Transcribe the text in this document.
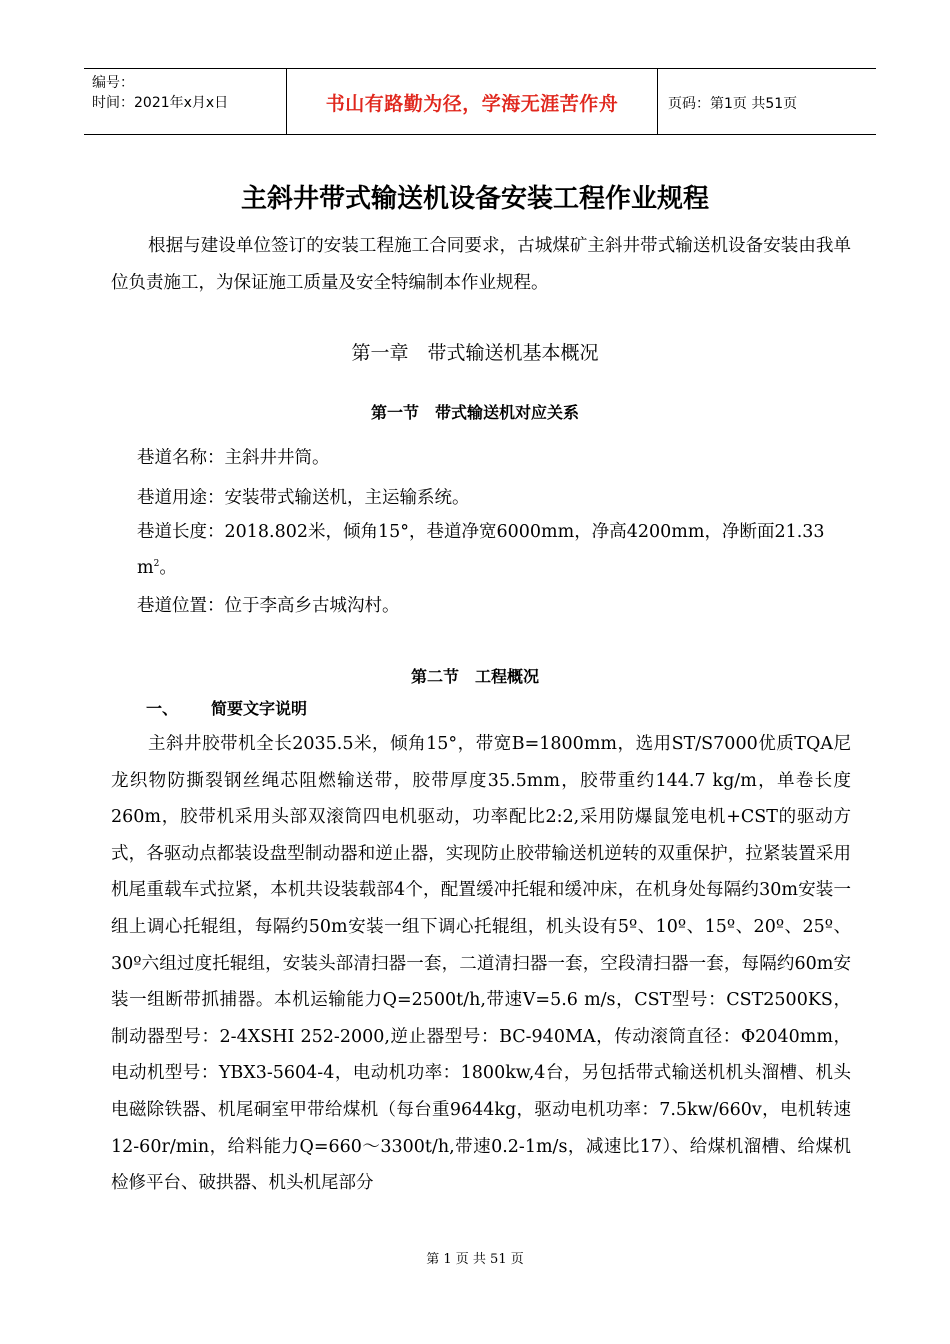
编号：
时间：2021年x月x日	书山有路勤为径，学海无涯苦作舟	页码：第1页 共51页
主斜井带式输送机设备安装工程作业规程
根据与建设单位签订的安装工程施工合同要求，古城煤矿主斜井带式输送机设备安装由我单位负责施工，为保证施工质量及安全特编制本作业规程。
第一章　带式输送机基本概况
第一节　带式输送机对应关系
巷道名称：主斜井井筒。
巷道用途：安装带式输送机，主运输系统。
巷道长度：2018.802米，倾角15°，巷道净宽6000mm，净高4200mm，净断面21.33
$m^2$。
巷道位置：位于李高乡古城沟村。
第二节　工程概况
一、 简要文字说明
主斜井胶带机全长2035.5米，倾角15°，带宽B=1800mm，选用ST/S7000优质TQA尼龙织物防撕裂钢丝绳芯阻燃输送带，胶带厚度35.5mm，胶带重约144.7 kg/m，单卷长度260m，胶带机采用头部双滚筒四电机驱动，功率配比2:2,采用防爆鼠笼电机+CST的驱动方式，各驱动点都装设盘型制动器和逆止器，实现防止胶带输送机逆转的双重保护，拉紧装置采用机尾重载车式拉紧，本机共设装载部4个，配置缓冲托辊和缓冲床，在机身处每隔约30m安装一组上调心托辊组，每隔约50m安装一组下调心托辊组，机头设有5º、10º、15º、20º、25º、30º六组过度托辊组，安装头部清扫器一套，二道清扫器一套，空段清扫器一套，每隔约60m安装一组断带抓捕器。本机运输能力Q=2500t/h,带速V=5.6 m/s，CST型号：CST2500KS，制动器型号：2-4XSHI 252-2000,逆止器型号：BC-940MA，传动滚筒直径：Φ2040mm，电动机型号：YBX3-5604-4，电动机功率：1800kw,4台，另包括带式输送机机头溜槽、机头电磁除铁器、机尾硐室甲带给煤机（每台重9644kg，驱动电机功率：7.5kw/660v，电机转速12-60r/min，给料能力Q=660～3300t/h,带速0.2-1m/s，减速比17）、给煤机溜槽、给煤机检修平台、破拱器、机头机尾部分
第 1 页 共 51 页
